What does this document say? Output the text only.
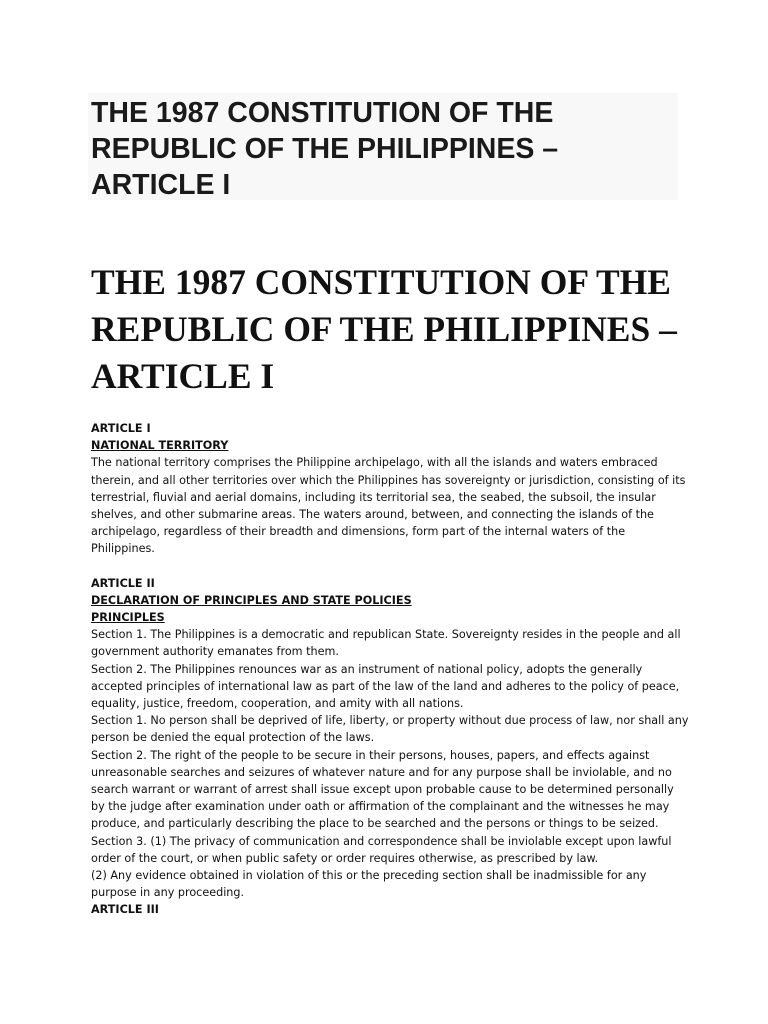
THE 1987 CONSTITUTION OF THE REPUBLIC OF THE PHILIPPINES – ARTICLE I
THE 1987 CONSTITUTION OF THE REPUBLIC OF THE PHILIPPINES – ARTICLE I

ARTICLE I

NATIONAL TERRITORY

The national territory comprises the Philippine archipelago, with all the islands and waters embraced therein, and all other territories over which the Philippines has sovereignty or jurisdiction, consisting of its terrestrial, fluvial and aerial domains, including its territorial sea, the seabed, the subsoil, the insular shelves, and other submarine areas. The waters around, between, and connecting the islands of the archipelago, regardless of their breadth and dimensions, form part of the internal waters of the Philippines.

ARTICLE II

DECLARATION OF PRINCIPLES AND STATE POLICIES

PRINCIPLES

Section 1. The Philippines is a democratic and republican State. Sovereignty resides in the people and all government authority emanates from them.

Section 2. The Philippines renounces war as an instrument of national policy, adopts the generally accepted principles of international law as part of the law of the land and adheres to the policy of peace, equality, justice, freedom, cooperation, and amity with all nations.

Section 1. No person shall be deprived of life, liberty, or property without due process of law, nor shall any person be denied the equal protection of the laws.

Section 2. The right of the people to be secure in their persons, houses, papers, and effects against unreasonable searches and seizures of whatever nature and for any purpose shall be inviolable, and no search warrant or warrant of arrest shall issue except upon probable cause to be determined personally by the judge after examination under oath or affirmation of the complainant and the witnesses he may produce, and particularly describing the place to be searched and the persons or things to be seized.

Section 3. (1) The privacy of communication and correspondence shall be inviolable except upon lawful order of the court, or when public safety or order requires otherwise, as prescribed by law.

(2) Any evidence obtained in violation of this or the preceding section shall be inadmissible for any purpose in any proceeding.

ARTICLE III
